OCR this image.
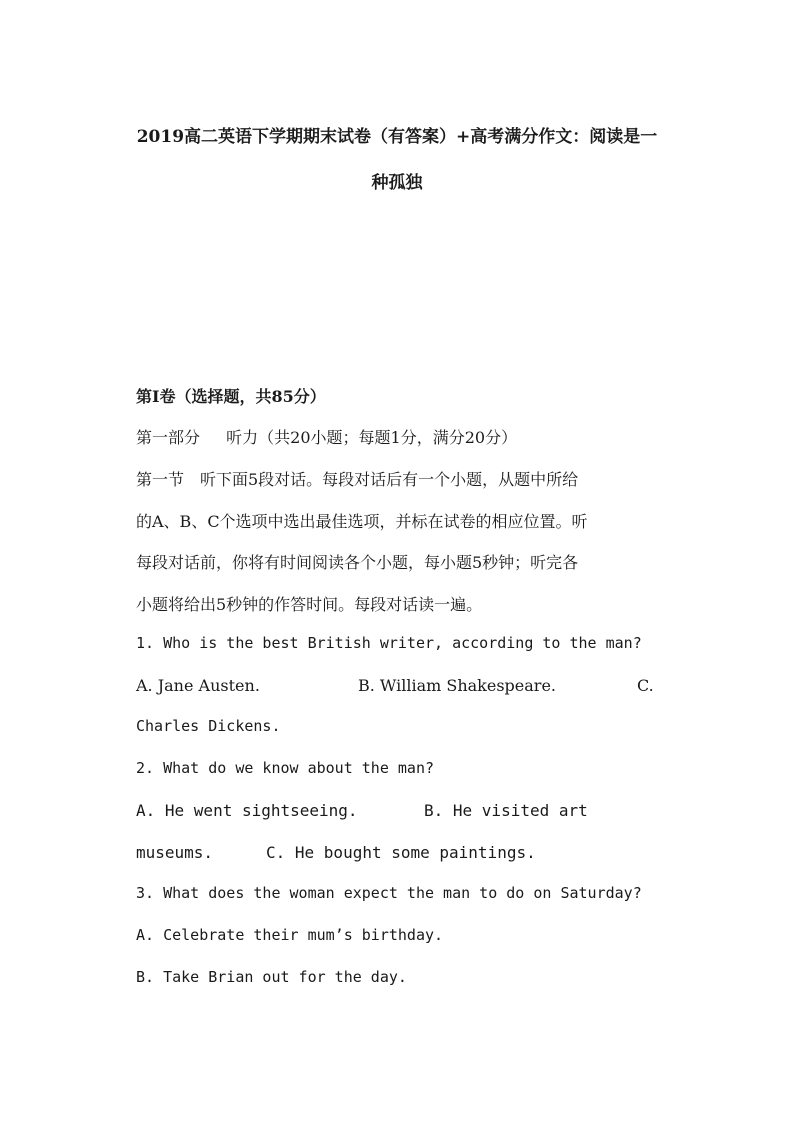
2019高二英语下学期期末试卷（有答案）+高考满分作文：阅读是一
种孤独
第Ⅰ卷（选择题，共85分）
第一部分　  听力（共20小题；每题1分，满分20分）
第一节　听下面5段对话。每段对话后有一个小题，从题中所给
的A、B、C个选项中选出最佳选项，并标在试卷的相应位置。听
每段对话前，你将有时间阅读各个小题，每小题5秒钟；听完各
小题将给出5秒钟的作答时间。每段对话读一遍。
1. Who is the best British writer, according to the man?
A. Jane Austen.	B. William Shakespeare.	C.
Charles Dickens.
2. What do we know about the man?
A. He went sightseeing.	B. He visited art
museums.	C. He bought some paintings.
3. What does the woman expect the man to do on Saturday?
A. Celebrate their mum’s birthday.
B. Take Brian out for the day.
